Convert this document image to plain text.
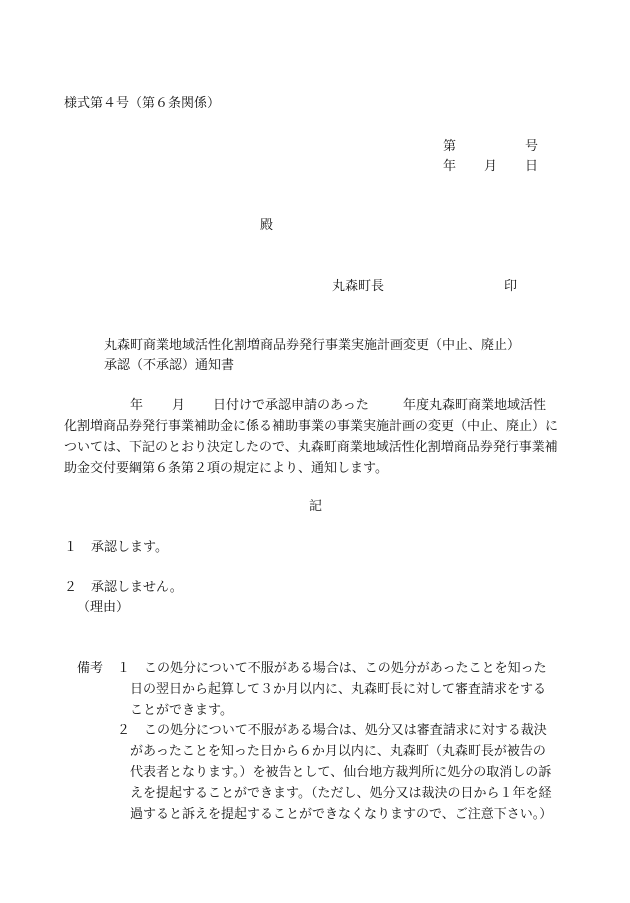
様式第４号（第６条関係）
第	号
年 月 日
殿
丸森町長	印
丸森町商業地域活性化割増商品券発行事業実施計画変更（中止、廃止）
承認（不承認）通知書
年 月 日付けで承認申請のあった	年度丸森町商業地域活性
化割増商品券発行事業補助金に係る補助事業の事業実施計画の変更（中止、廃止）に
ついては、下記のとおり決定したので、丸森町商業地域活性化割増商品券発行事業補
助金交付要綱第６条第２項の規定により、通知します。
記
１ 承認します。
２ 承認しません。
（理由）
備考 １ この処分について不服がある場合は、この処分があったことを知った
日の翌日から起算して３か月以内に、丸森町長に対して審査請求をする
ことができます。
２ この処分について不服がある場合は、処分又は審査請求に対する裁決
があったことを知った日から６か月以内に、丸森町（丸森町長が被告の
代表者となります。）を被告として、仙台地方裁判所に処分の取消しの訴
えを提起することができます。（ただし、処分又は裁決の日から１年を経
過すると訴えを提起することができなくなりますので、ご注意下さい。）
